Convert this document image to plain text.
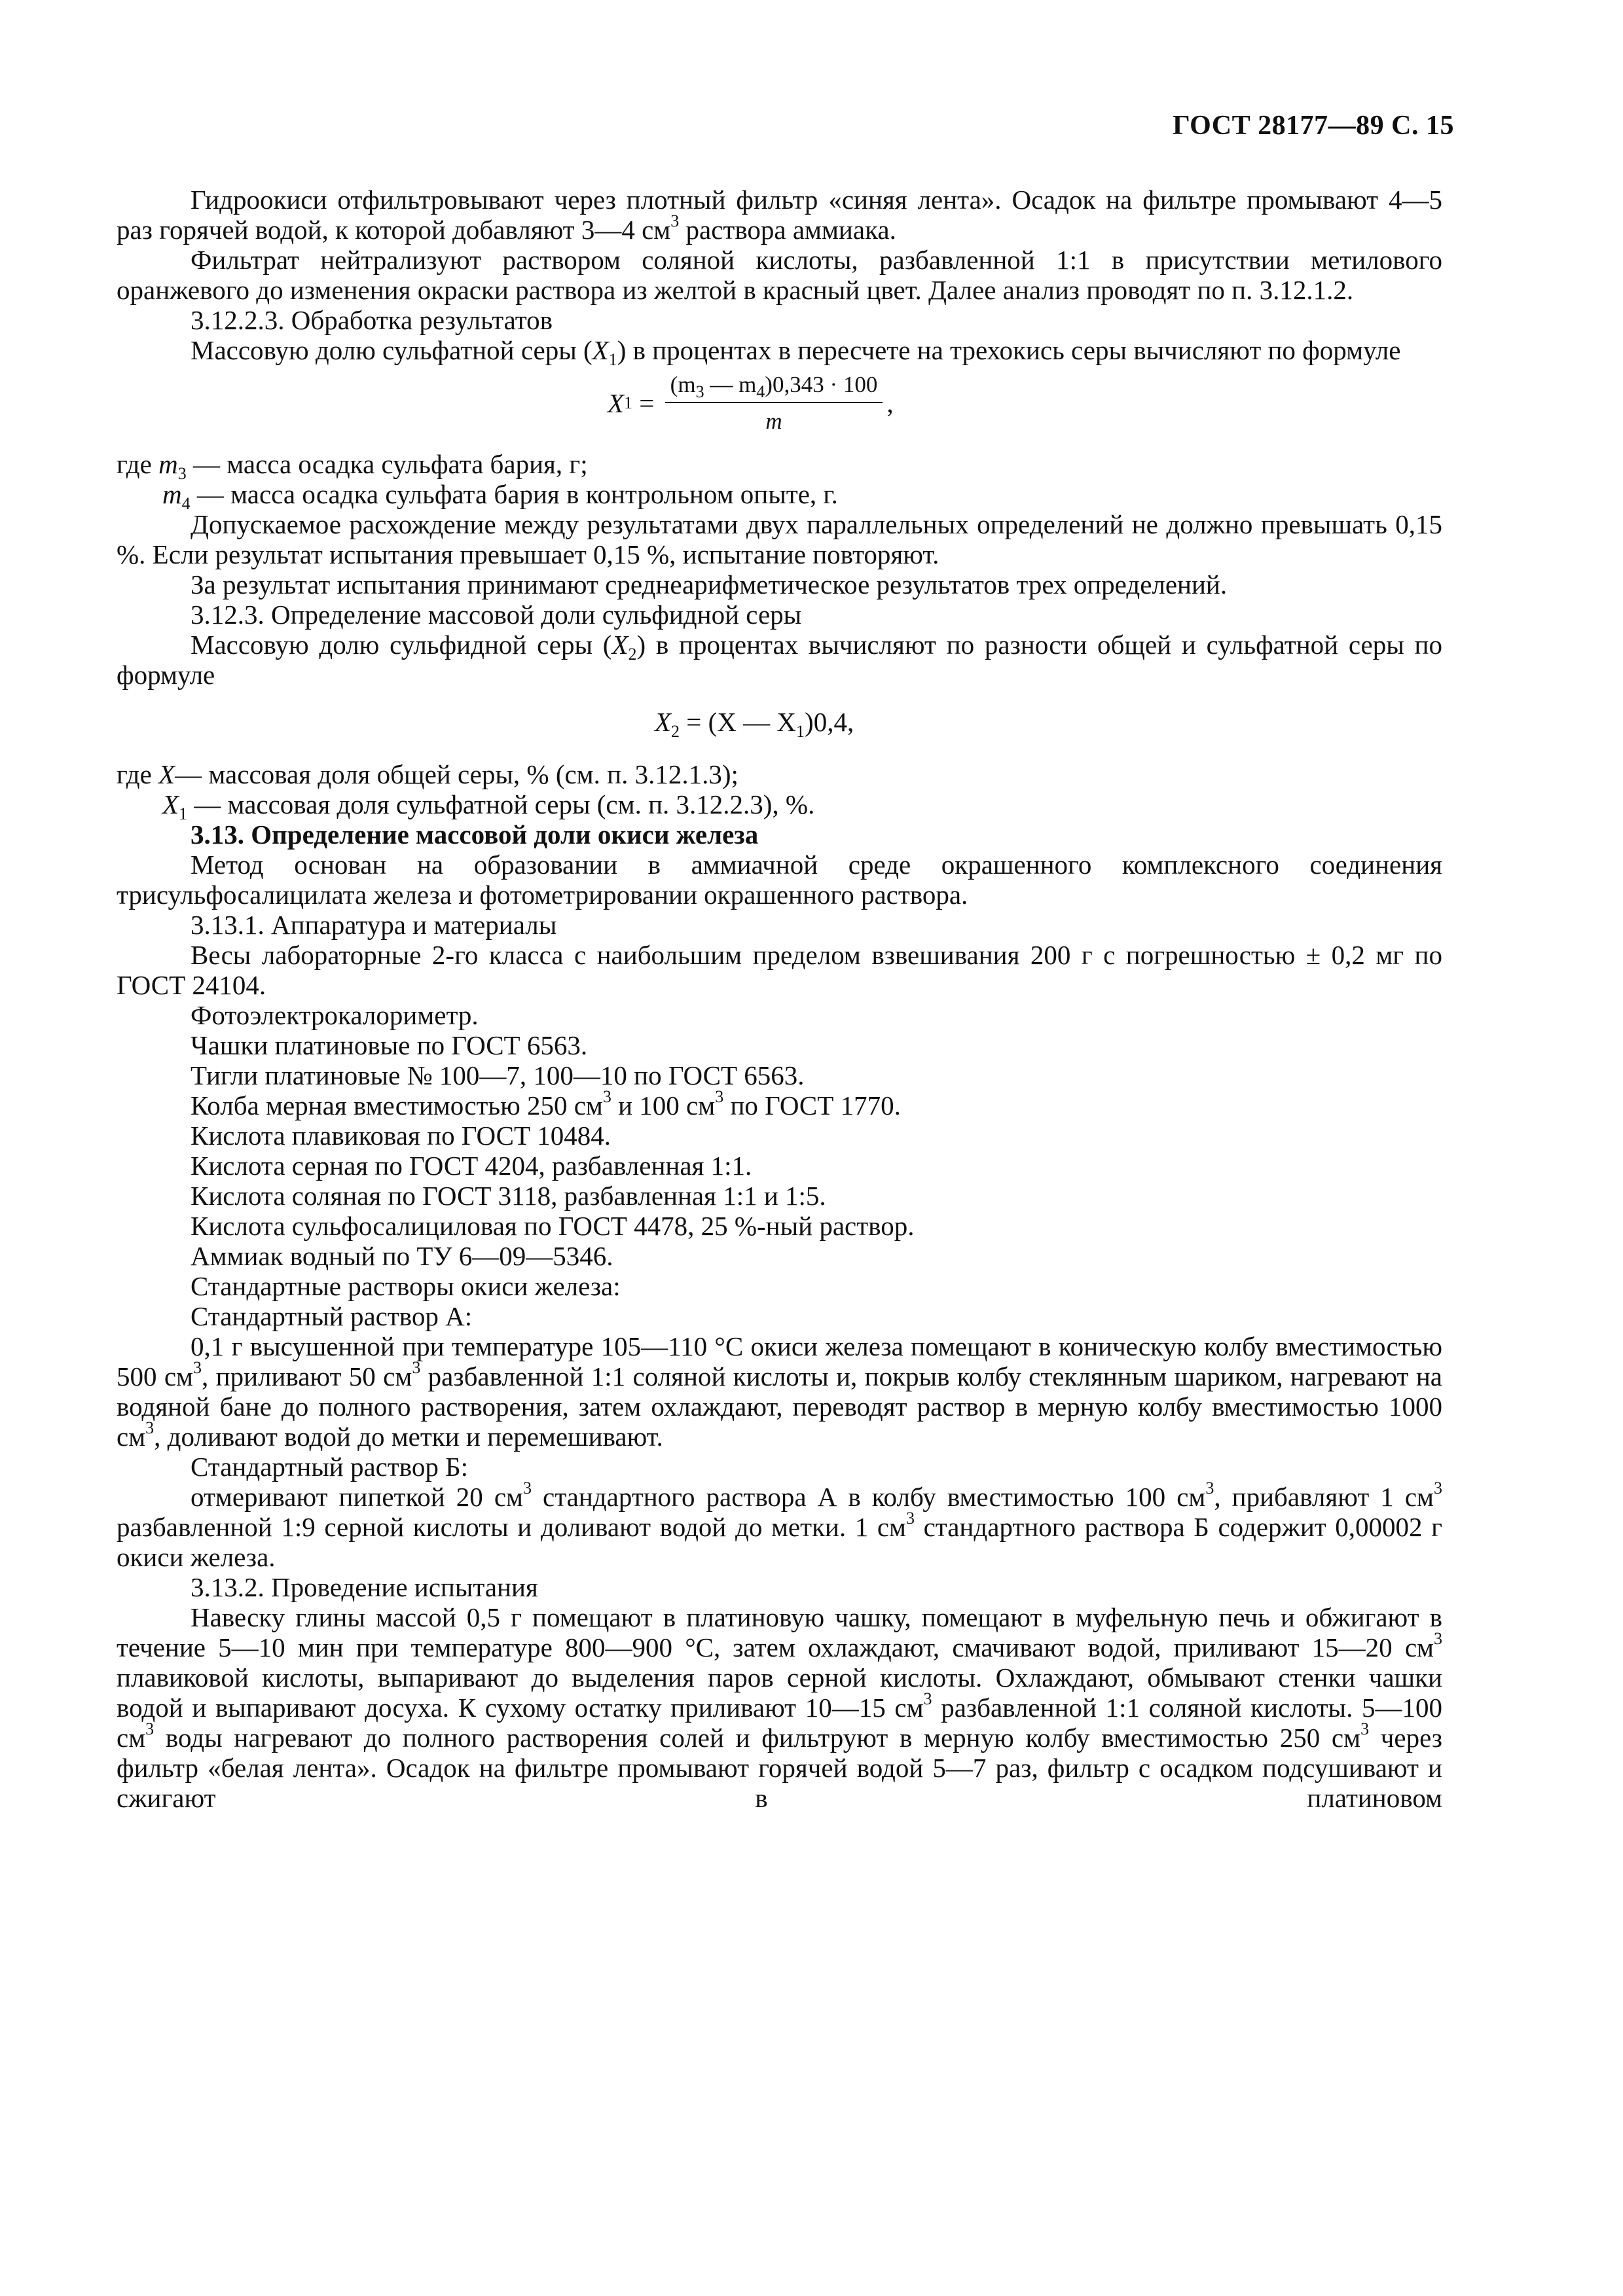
ГОСТ 28177—89 С. 15

Гидроокиси отфильтровывают через плотный фильтр «синяя лента». Осадок на фильтре промывают 4—5 раз горячей водой, к которой добавляют 3—4 $см^3$ раствора аммиака.

Фильтрат нейтрализуют раствором соляной кислоты, разбавленной 1:1 в присутствии метилового оранжевого до изменения окраски раствора из желтой в красный цвет. Далее анализ проводят по п. 3.12.1.2.

3.12.2.3. Обработка результатов

Массовую долю сульфатной серы $(X_1)$ в процентах в пересчете на трехокись серы вычисляют по формуле

X $1 = \frac{(m_3 — m_4)0,343 \cdot 100}{m}$ ,

где $m_3$ — масса осадка сульфата бария, г;

$m_4$ — масса осадка сульфата бария в контрольном опыте, г.

Допускаемое расхождение между результатами двух параллельных определений не должно превышать 0,15 %. Если результат испытания превышает 0,15 %, испытание повторяют.

За результат испытания принимают среднеарифметическое результатов трех определений.

3.12.3. Определение массовой доли сульфидной серы

Массовую долю сульфидной серы $(X_2)$ в процентах вычисляют по разности общей и сульфатной серы по формуле

$X_2 = (X$ — $X_1)0,4$,

где X— массовая доля общей серы, % (см. п. 3.12.1.3);

$X_1$ — массовая доля сульфатной серы (см. п. 3.12.2.3), %.

3.13. Определение массовой доли окиси железа

Метод основан на образовании в аммиачной среде окрашенного комплексного соединения трисульфосалицилата железа и фотометрировании окрашенного раствора.

3.13.1. Аппаратура и материалы

Весы лабораторные 2-го класса с наибольшим пределом взвешивания 200 г с погрешностью ± 0,2 мг по ГОСТ 24104.

Фотоэлектрокалориметр.

Чашки платиновые по ГОСТ 6563.

Тигли платиновые № 100—7, 100—10 по ГОСТ 6563.

Колба мерная вместимостью 250 $см^3$ и 100 $см^3$ по ГОСТ 1770.

Кислота плавиковая по ГОСТ 10484.

Кислота серная по ГОСТ 4204, разбавленная 1:1.

Кислота соляная по ГОСТ 3118, разбавленная 1:1 и 1:5.

Кислота сульфосалициловая по ГОСТ 4478, 25 %-ный раствор.

Аммиак водный по ТУ 6—09—5346.

Стандартные растворы окиси железа:

Стандартный раствор А:

0,1 г высушенной при температуре 105—110 °С окиси железа помещают в коническую колбу вместимостью 500 $см^3$, приливают 50 $см^3$ разбавленной 1:1 соляной кислоты и, покрыв колбу стеклянным шариком, нагревают на водяной бане до полного растворения, затем охлаждают, переводят раствор в мерную колбу вместимостью 1000 $см^3$, доливают водой до метки и перемешивают.

Стандартный раствор Б:

отмеривают пипеткой 20 $см^3$ стандартного раствора А в колбу вместимостью 100 $см^3$, прибавляют 1 $см^3$ разбавленной 1:9 серной кислоты и доливают водой до метки. 1 $см^3$ стандартного раствора Б содержит 0,00002 г окиси железа.

3.13.2. Проведение испытания

Навеску глины массой 0,5 г помещают в платиновую чашку, помещают в муфельную печь и обжигают в течение 5—10 мин при температуре 800—900 °С, затем охлаждают, смачивают водой, приливают 15—20 $см^3$ плавиковой кислоты, выпаривают до выделения паров серной кислоты. Охлаждают, обмывают стенки чашки водой и выпаривают досуха. К сухому остатку приливают 10—15 $см^3$ разбавленной 1:1 соляной кислоты. 5—100 $см^3$ воды нагревают до полного растворения солей и фильтруют в мерную колбу вместимостью 250 $см^3$ через фильтр «белая лента». Осадок на фильтре промывают горячей водой 5—7 раз, фильтр с осадком подсушивают и сжигают в платиновом
